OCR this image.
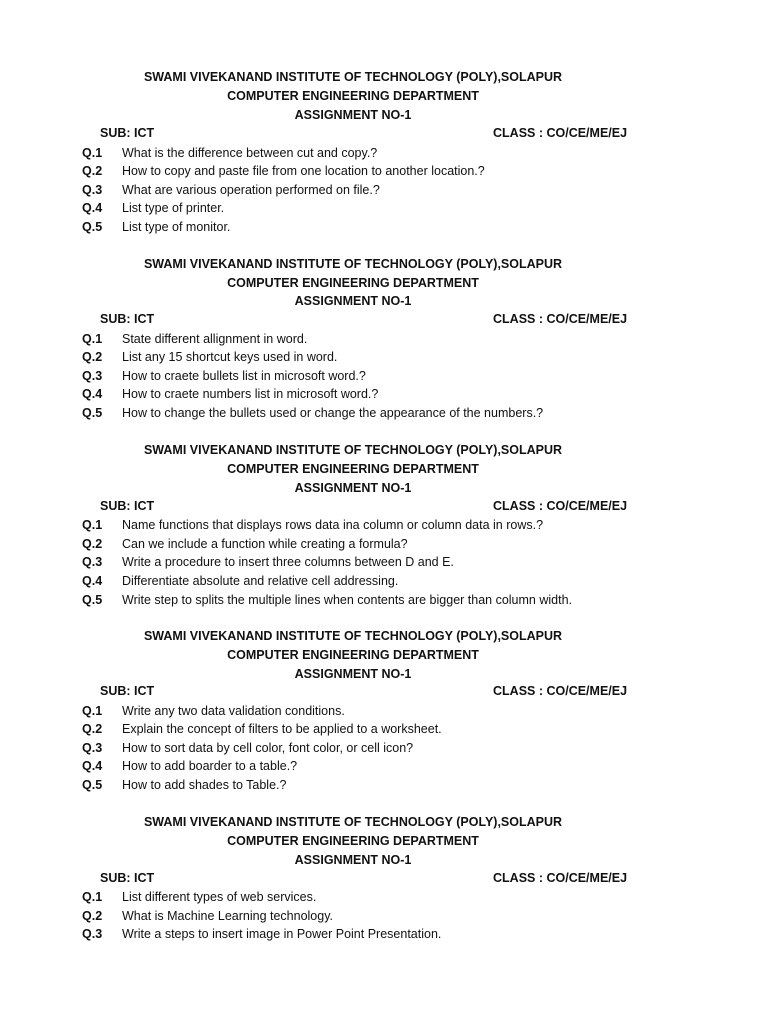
SWAMI VIVEKANAND INSTITUTE OF TECHNOLOGY (POLY),SOLAPUR
COMPUTER ENGINEERING DEPARTMENT
ASSIGNMENT NO-1
SUB: ICT	CLASS : CO/CE/ME/EJ
Q.1 What is the difference between cut and copy.?
Q.2 How to copy and paste file from one location to another location.?
Q.3 What are various operation performed on file.?
Q.4 List type of printer.
Q.5 List type of monitor.
SWAMI VIVEKANAND INSTITUTE OF TECHNOLOGY (POLY),SOLAPUR
COMPUTER ENGINEERING DEPARTMENT
ASSIGNMENT NO-1
SUB: ICT	CLASS : CO/CE/ME/EJ
Q.1 State different allignment in word.
Q.2 List any 15 shortcut keys used in word.
Q.3 How to craete bullets list in microsoft word.?
Q.4 How to craete numbers list in microsoft word.?
Q.5 How to change the bullets used or change the appearance of the numbers.?
SWAMI VIVEKANAND INSTITUTE OF TECHNOLOGY (POLY),SOLAPUR
COMPUTER ENGINEERING DEPARTMENT
ASSIGNMENT NO-1
SUB: ICT	CLASS : CO/CE/ME/EJ
Q.1 Name functions that displays rows data ina column or column data in rows.?
Q.2 Can we include a function while creating a formula?
Q.3 Write a procedure to insert three columns between D and E.
Q.4 Differentiate absolute and relative cell addressing.
Q.5 Write step to splits the multiple lines when contents are bigger than column width.
SWAMI VIVEKANAND INSTITUTE OF TECHNOLOGY (POLY),SOLAPUR
COMPUTER ENGINEERING DEPARTMENT
ASSIGNMENT NO-1
SUB: ICT	CLASS : CO/CE/ME/EJ
Q.1 Write any two data validation conditions.
Q.2 Explain the concept of filters to be applied to a worksheet.
Q.3 How to sort data by cell color, font color, or cell icon?
Q.4 How to add boarder to a table.?
Q.5 How to add shades to Table.?
SWAMI VIVEKANAND INSTITUTE OF TECHNOLOGY (POLY),SOLAPUR
COMPUTER ENGINEERING DEPARTMENT
ASSIGNMENT NO-1
SUB: ICT	CLASS : CO/CE/ME/EJ
Q.1 List different types of web services.
Q.2 What is Machine Learning technology.
Q.3 Write a steps to insert image in Power Point Presentation.
